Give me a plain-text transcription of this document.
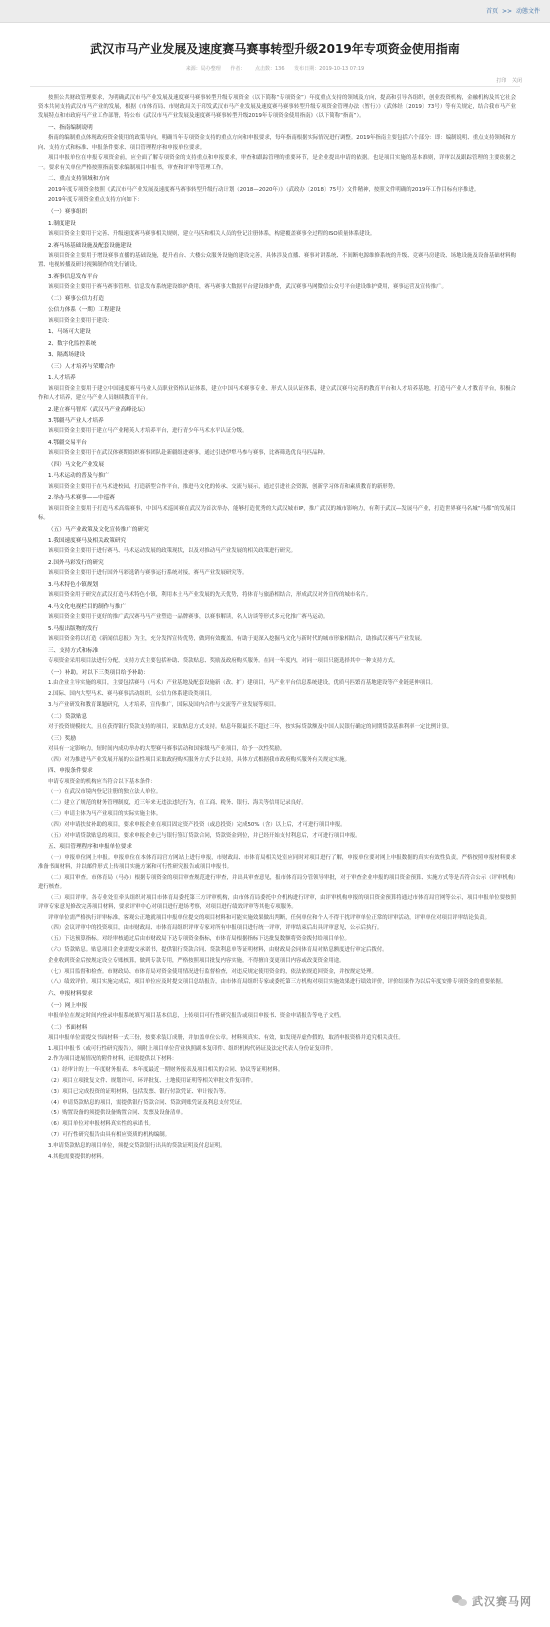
首页 >> 动態文件
武汉市马产业发展及速度赛马赛事转型升级2019年专项资金使用指南
来源：局办整理 作者： 点击数：136 发布日期：2019-10-13 07:19
打印 关闭

按照公共财政管理要求，为明确武汉市马产业发展及速度赛马赛事转型升级专项资金（以下简称“专项资金”）年度重点支持的领域及方向，提高和引导各组织，创业投资机构，金融机构及其它社会资本共同支持武汉市马产业的发展，根据《市体育局、市财政局关于印发武汉市马产业发展及速度赛马赛事转型升级专项资金管理办法（暂行）》（武体经〔2019〕73号）等有关规定，结合我市马产业发展特点和市政府马产业工作部署，特公布《武汉市马产业发展及速度赛马赛事转型升级2019年专项资金使用指南》（以下简称“指南”）。

一、指南编制说明

指南的编制重点体现政府资金使用的政策导向，明确当年专项资金支持的重点方向和申报要求，每年指南根据实际情况进行调整。2019年指南主要包括六个部分：即：编制说明、重点支持领域和方向、支持方式和标准、申报条件要求、项目管理程序和申报单位要求。

项目申报单位在申报专项资金前，应全面了解专项资金的支持重点和申报要求，审查和跟踪管理的重要环节，是企业提出申请的依据。也是项目实施的基本准则，详审以及跟踪管理的主要依据之一。要求有关单位严格按照指南要求编制项目申报书，审查和评审等管理工作。

二、重点支持领域和方向

2019年度专项资金按照《武汉市马产业发展及速度赛马赛事转型升级行动计划（2018—2020年）》（武政办〔2018〕75号）文件精神，按照文件明确的2019年工作目标有序推进。

2019年度专项资金重点支持方向如下：

（一）赛事组织

1.制度建设

该项目资金主要用于完善、升级速度赛马赛事相关规则，建立马匹和相关人员的登记注册体系，构建覆盖赛事全过程的ISO质量体系建设。

2.赛马场基础设施及配套设施建设

该项目资金主要用于增设赛事直播的基础设施，提升看台、大楼公众服务设施的建设完善，具体涉及直播、赛事对讲系统、不间断电源维修系统的升级、竞赛马房建设、场地设施及设备基础材料购置、电视转播及研讨视频制作的先行铺设。

3.赛事信息发布平台

该项目资金主要用于赛马赛事管理、信息发布系统建设维护费用，赛马赛事大数据平台建设维护费，武汉赛事马网微信公众号平台建设维护费用，赛事运营及宣传推广。

（二）赛事公信力打造

公信力体系（一期）工程建设

该项目资金主要用于建设：

1、马场可大建设

2、数字化监控系统

3、隔离场建设

（三）人才培养与荣耀合作

1.人才培养

该项目资金主要用于建立中国速度赛马马业人员职业资格认证体系，建立中国马术赛事专业、形式人员认证体系，建立武汉赛马完善的教育平台和人才培养基地，打造马产业人才教育平台，积极合作和人才培养，建立马产业人员继续教育平台。

2.建立赛马智库（武汉马产业高峰论坛）

3.鄂疆马产业人才培养

该项目资金主要用于建立马产业精英人才培养平台，进行青少年马术水平认证分级。

4.鄂疆交易平台

该项目资金主要用于在武汉体赛期组织赛事团队赴新疆组进赛事，通过引进伊犁马参与赛事，比赛筛选优良马匹品种。

（四）马文化产业发展

1.马术运动的普及与推广

该项目资金主要用于在马术进校园，打造新型合作平台，推进马文化的传承、交流与展示，通过引进社会资源，创新学习体育和素质教育的新形势。

2.举办马术赛事——中巡赛

该项目资金主要用于打造马术高端赛事，中国马术巡回赛在武汉为首次举办，能够打造优秀的大武汉城市IP，推广武汉的城市影响力，有利于武汉―发展马产业，打造世界赛马名城“马都”的发展目标。

（五）马产业政策及文化宣传推广的研究

1.我国速度赛马及相关政策研究

该项目资金主要用于进行赛马、马术运动发展的政策现状，以及对推动马产业发展的相关政策进行研究。

2.国外马彩发行的研究

该项目资金主要用于进行国外马彩选销与赛事运行系统对接，赛马产业发展研究等。

3.马术特色小镇规划

该项目资金用于研究在武汉打造马术特色小镇，利用本土马产业发展的先天优势，将体育与旅游相结合，形成武汉对外宣传的城市名片。

4.马文化电视栏目的制作与推广

该项目资金主要用于更好的推广武汉赛马马产业塑造一品牌赛事，以赛事解读，名人访谈等形式多元化推广赛马运动。

5.马报出版物的发行

该项目资金将以打造《新闻信息报》为主，充分发挥宣传优势，做到有效覆盖，有助于更深入挖掘马文化与新时代的城市形象相结合，助推武汉赛马产业发展。

三、支持方式和标准

专项资金采用项目法进行分配，支持方式主要包括补助、贷款贴息、奖励及政府购买服务。在同一年度内，对同一项目只能选择其中一种支持方式。

（一）补助。对以下三类项目给予补助：

1.由企业主导实施的项目，主要包括赛马（马术）产业基地及配套设施新（改、扩）建项目，马产业平台信息系统建设，优质马匹繁育基地建设等产业链延伸项目。

2.国际、国内大型马术、赛马赛事活动组织，公信力体系建设类项目。

3.与产业研发和教育课题研究，人才培养，宣传推广，国际及国内合作与交流等产业发展等项目。

（二）贷款贴息

对于投资规模较大，且在获得银行贷款支持的项目，采取贴息方式支持。贴息年限最长不超过三年，按实际贷款额及中国人民银行确定的同期贷款基准利率一定比例计算。

（三）奖励

对具有一定影响力，短时间内成功举办的大型赛马赛事活动和国家级马产业项目，给予一次性奖励。

（四）对为推进马产业发展开展的公益性项目采取政府购买服务方式予以支持，具体方式根据我市政府购买服务有关规定实施。

四、申报条件要求

申请专项资金的机构应当符合以下基本条件：

（一）在武汉市境内登记注册的独立法人单位。

（二）建立了规范的财务管理制度，近三年来无违法违纪行为，在工商、税务、银行、海关等信用记录良好。

（三）申请主体为马产业项目的实际实施主体。

（四）对申请扶贫补助的项目，要求申报企业在项目固定资产投资（或总投资）完成50%（含）以上后，才可进行项目申报。

（五）对申请贷款贴息的项目，要求申报企业已与银行签订贷款合同，贷款资金到位，并已经开始支付利息后，才可进行项目申报。

五、项目管理程序和申报单位要求

（一）申报单位网上申报。申报单位在本体育局官方网站上进行申报，市财政局、市体育局相关处室应同时对项目进行了解，申报单位要对网上申报数据的真实有效性负责，严格按照申报材料要求准备书面材料，并以邮件形式上传项目实施方案和可行性研究报告或项目申报书。

（二）项目审查。市体育局（马办）根据专项资金的项目审查规范进行审查，并出具审查意见，报市体育局分管领导审批，对于审查企业申报的项目资金预算、实施方式等是否符合公示（评审机构）进行核查。

（三）项目评审。各专业处室牵头组织对项目市体育局委托第三方评审机构，由市体育局委托中介机构进行评审，由评审机构申报的项目资金预算将通过市体育局官网等公示，项目申报单位要按照评审专家意见修改完善项目材料，要求评审中心对项目进行进场考察，对项目进行绩效评审等其他专项服务。

评审单位需严格执行评审标准，客观公正地就项目申报单位提交的项目材料和可能实施效果做出判断，任何单位和个人不得干扰评审单位正常的评审活动，评审单位对项目评审结论负责。

（四）会议评审中的投资项目，由市财政局、市体育局组织评审专家对所有申报项目进行统一评审，评审结束后出具评审意见，公示后执行。

（五）下达预算指标。对经审核通过后由市财政局下达专项资金指标，市体育局根据指标下达批复数额将资金拨付给项目单位。

（六）贷款贴息。贴息项目企业需提交承诺书，提供银行贷款合同、贷款利息单等证明材料，由财政局会同体育局对贴息额度进行审定后拨付。

企业收到资金后按规定设立专账核算，做到专款专用，严格按照项目批复内容实施，不得擅自变更项目内容或改变资金用途。

（七）项目监督和检查。市财政局、市体育局对资金使用情况进行监督检查，对违反规定使用资金的，依法依规追回资金，并按规定处理。

（八）绩效评价。项目实施完成后，项目单位应及时提交项目总结报告，由市体育局组织专家或委托第三方机构对项目实施效果进行绩效评价，评价结果作为以后年度安排专项资金的重要依据。

六、申报材料要求

（一）网上申报

申报单位在规定时间内登录申报系统填写项目基本信息，上传项目可行性研究报告或项目申报书、资金申请报告等电子文档。

（二）书面材料

项目申报单位需提交书面材料一式三份，按要求装订成册，并加盖单位公章。材料须真实、有效，如发现弄虚作假的，取消申报资格并追究相关责任。

1.项目申报书（或可行性研究报告），须附上项目单位营业执照副本复印件、组织机构代码证及法定代表人身份证复印件。

2.作为项目进展情况的附件材料，还需提供以下材料：

（1）经审计的上一年度财务报表、本年度最近一期财务报表及项目相关的合同、协议等证明材料。

（2）项目立项批复文件、规划许可、环评批复、土地使用证明等相关审批文件复印件。

（3）项目已完成投资的证明材料，包括发票、银行付款凭证、审计报告等。

（4）申请贷款贴息的项目，需提供银行贷款合同、贷款到账凭证及利息支付凭证。

（5）购置设备的须提供设备购置合同、发票及设备清单。

（6）项目单位对申报材料真实性的承诺书。

（7）可行性研究报告由具有相应资质的机构编制。

3.申请贷款贴息的项目单位，须提交贷款银行出具的贷款证明及付息证明。

4.其他需要提供的材料。

武汉赛马网
